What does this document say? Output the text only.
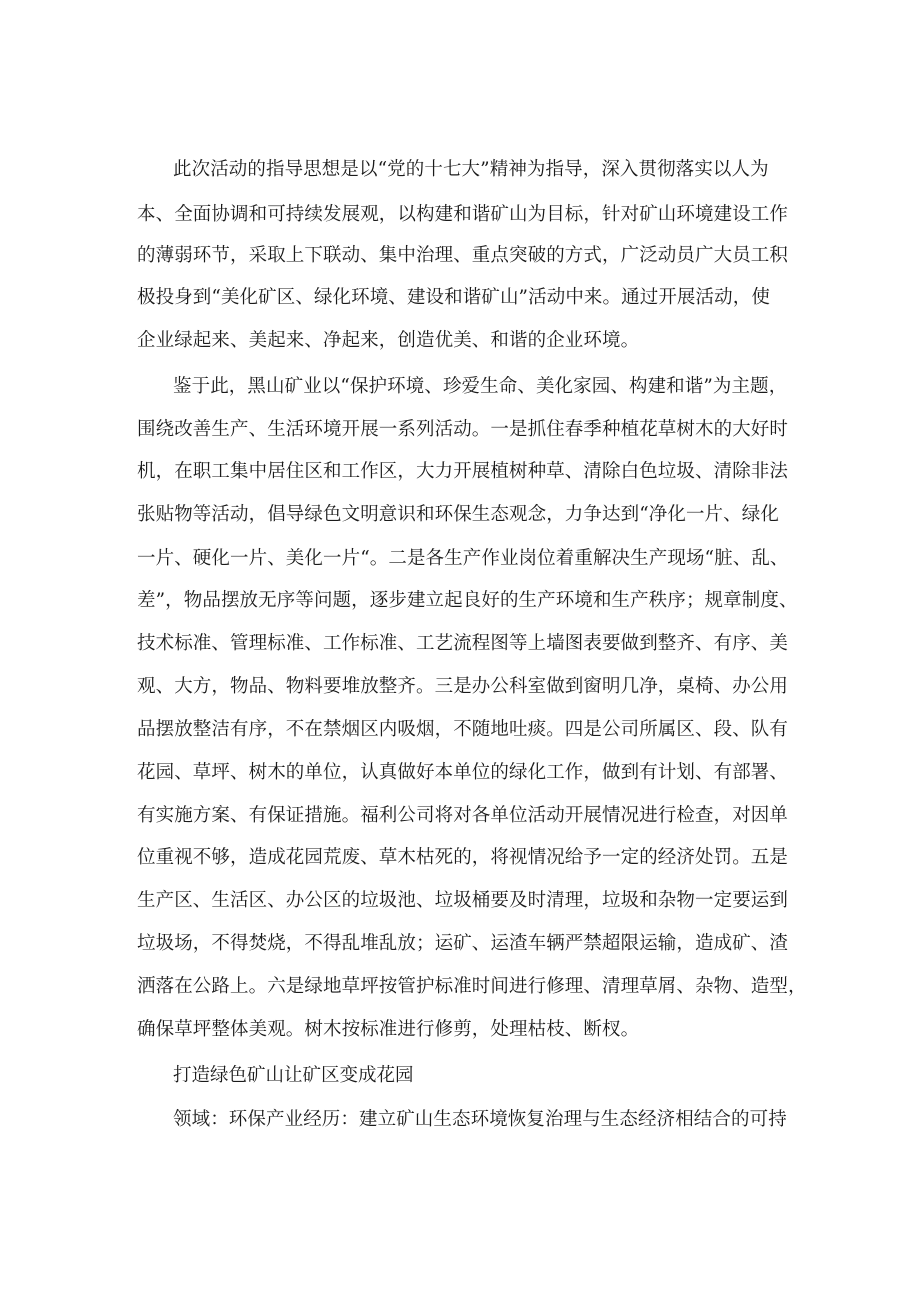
此次活动的指导思想是以“党的十七大”精神为指导，深入贯彻落实以人为
本、全面协调和可持续发展观，以构建和谐矿山为目标，针对矿山环境建设工作
的薄弱环节，采取上下联动、集中治理、重点突破的方式，广泛动员广大员工积
极投身到“美化矿区、绿化环境、建设和谐矿山”活动中来。通过开展活动，使
企业绿起来、美起来、净起来，创造优美、和谐的企业环境。
鉴于此，黑山矿业以“保护环境、珍爱生命、美化家园、构建和谐”为主题，
围绕改善生产、生活环境开展一系列活动。一是抓住春季种植花草树木的大好时
机，在职工集中居住区和工作区，大力开展植树种草、清除白色垃圾、清除非法
张贴物等活动，倡导绿色文明意识和环保生态观念，力争达到“净化一片、绿化
一片、硬化一片、美化一片“。二是各生产作业岗位着重解决生产现场“脏、乱、
差”，物品摆放无序等问题，逐步建立起良好的生产环境和生产秩序；规章制度、
技术标准、管理标准、工作标准、工艺流程图等上墙图表要做到整齐、有序、美
观、大方，物品、物料要堆放整齐。三是办公科室做到窗明几净，桌椅、办公用
品摆放整洁有序，不在禁烟区内吸烟，不随地吐痰。四是公司所属区、段、队有
花园、草坪、树木的单位，认真做好本单位的绿化工作，做到有计划、有部署、
有实施方案、有保证措施。福利公司将对各单位活动开展情况进行检查，对因单
位重视不够，造成花园荒废、草木枯死的，将视情况给予一定的经济处罚。五是
生产区、生活区、办公区的垃圾池、垃圾桶要及时清理，垃圾和杂物一定要运到
垃圾场，不得焚烧，不得乱堆乱放；运矿、运渣车辆严禁超限运输，造成矿、渣
洒落在公路上。六是绿地草坪按管护标准时间进行修理、清理草屑、杂物、造型，
确保草坪整体美观。树木按标准进行修剪，处理枯枝、断杈。
打造绿色矿山让矿区变成花园
领域：环保产业经历：建立矿山生态环境恢复治理与生态经济相结合的可持
